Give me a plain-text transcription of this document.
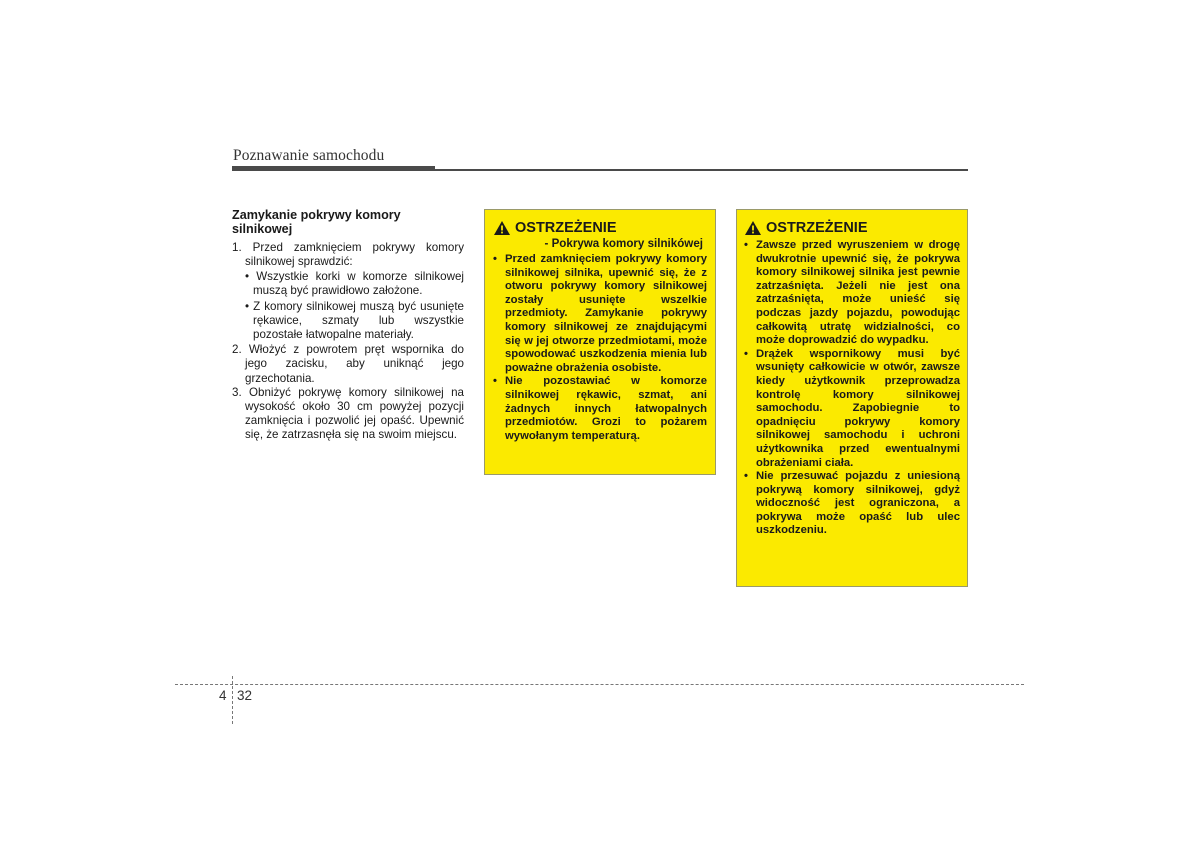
Poznawanie samochodu
Zamykanie pokrywy komory silnikowej

1. Przed zamknięciem pokrywy komory silnikowej sprawdzić:

• Wszystkie korki w komorze silnikowej muszą być prawidłowo założone.

• Z komory silnikowej muszą być usunięte rękawice, szmaty lub wszystkie pozostałe łatwopalne materiały.

2. Włożyć z powrotem pręt wspornika do jego zacisku, aby uniknąć jego grzechotania.

3. Obniżyć pokrywę komory silnikowej na wysokość około 30 cm powyżej pozycji zamknięcia i pozwolić jej opaść. Upewnić się, że zatrzasnęła się na swoim miejscu.

OSTRZEŻENIE
- Pokrywa komory silnikówej

• Przed zamknięciem pokrywy komory silnikowej silnika, upewnić się, że z otworu pokrywy komory silnikowej zostały usunięte wszelkie przedmioty. Zamykanie pokrywy komory silnikowej ze znajdującymi się w jej otworze przedmiotami, może spowodować uszkodzenia mienia lub poważne obrażenia osobiste.

• Nie pozostawiać w komorze silnikowej rękawic, szmat, ani żadnych innych łatwopalnych przedmiotów. Grozi to pożarem wywołanym temperaturą.

OSTRZEŻENIE

• Zawsze przed wyruszeniem w drogę dwukrotnie upewnić się, że pokrywa komory silnikowej silnika jest pewnie zatrzaśnięta. Jeżeli nie jest ona zatrzaśnięta, może unieść się podczas jazdy pojazdu, powodując całkowitą utratę widzialności, co może doprowadzić do wypadku.

• Drążek wspornikowy musi być wsunięty całkowicie w otwór, zawsze kiedy użytkownik przeprowadza kontrolę komory silnikowej samochodu. Zapobiegnie to opadnięciu pokrywy komory silnikowej samochodu i uchroni użytkownika przed ewentualnymi obrażeniami ciała.

• Nie przesuwać pojazdu z uniesioną pokrywą komory silnikowej, gdyż widoczność jest ograniczona, a pokrywa może opaść lub ulec uszkodzeniu.

4 32
